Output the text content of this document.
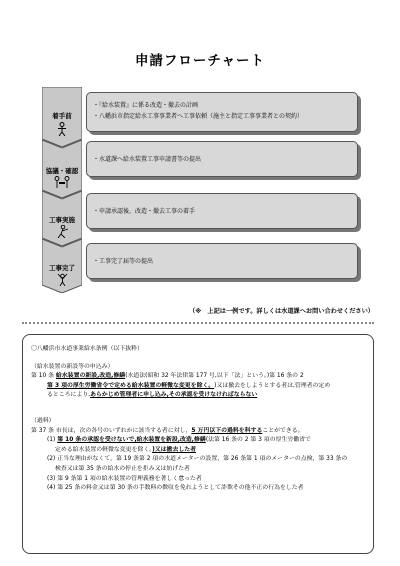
申請フローチャート
着手前
・『給水装置』に係る改造・撤去の計画
・八幡浜市指定給水工事事業者へ工事依頼（施主と指定工事事業者との契約）
協議・確認
・水道課へ給水装置工事申請書等の提出
工事実施
・申請承認後、改造・撤去工事の着手
工事完了
・工事完了届等の提出
（※　上記は一例です。詳しくは水道課へお問い合わせください）
〇八幡浜市水道事業給水条例（以下抜粋）
（給水装置の新設等の申込み）
第 10 条 給水装置の新設,改造,修繕(水道法(昭和 32 年法律第 177 号,以下「法」という。)第 16 条の 2
第 3 項の厚生労働省令で定める給水装置の軽微な変更を除く。)又は撤去をしようとする者は,管理者の定め
るところにより,あらかじめ管理者に申し込み,その承認を受けなければならない
（過料）
第 37 条 市長は，次の各号のいずれかに該当する者に対し，5 万円以下の過料を科することができる。
(1) 第 10 条の承認を受けないで,給水装置を新設,改造,修繕(法第 16 条の 2 第 3 項の厚生労働省で
定める給水装置の軽微な変更を除く。)又は撤去した者
(2) 正当な理由がなくて，第 19 条第 2 項の水道メーターの設置，第 26 条第 1 項のメーターの点検，第 33 条の
検査又は第 35 条の給水の停止を拒み又は妨げた者
(3) 第 9 条第 1 項の給水装置の管理義務を著しく怠った者
(4) 第 25 条の料金又は第 30 条の手数料の徴収を免れようとして詐欺その他不正の行為をした者
